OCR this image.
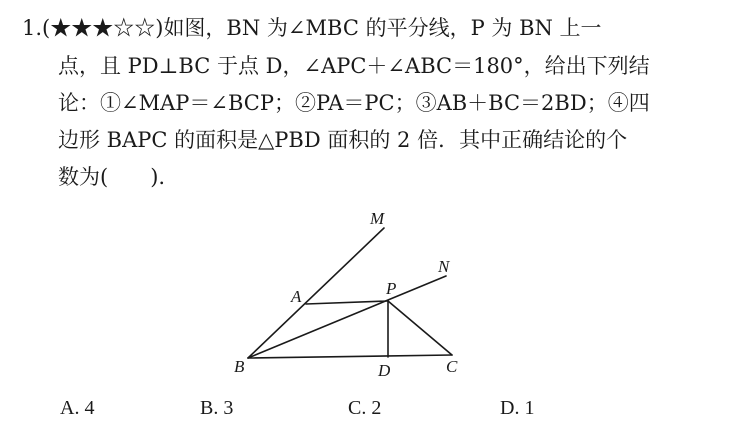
1.(★★★☆☆)如图，BN 为∠MBC 的平分线，P 为 BN 上一
点，且 PD⊥BC 于点 D，∠APC＋∠ABC＝180°，给出下列结
论：①∠MAP＝∠BCP；②PA＝PC；③AB＋BC＝2BD；④四
边形 BAPC 的面积是△PBD 面积的 2 倍．其中正确结论的个
数为(　　).
M
N
A	P
B	D	C
A. 4	B. 3	C. 2	D. 1
